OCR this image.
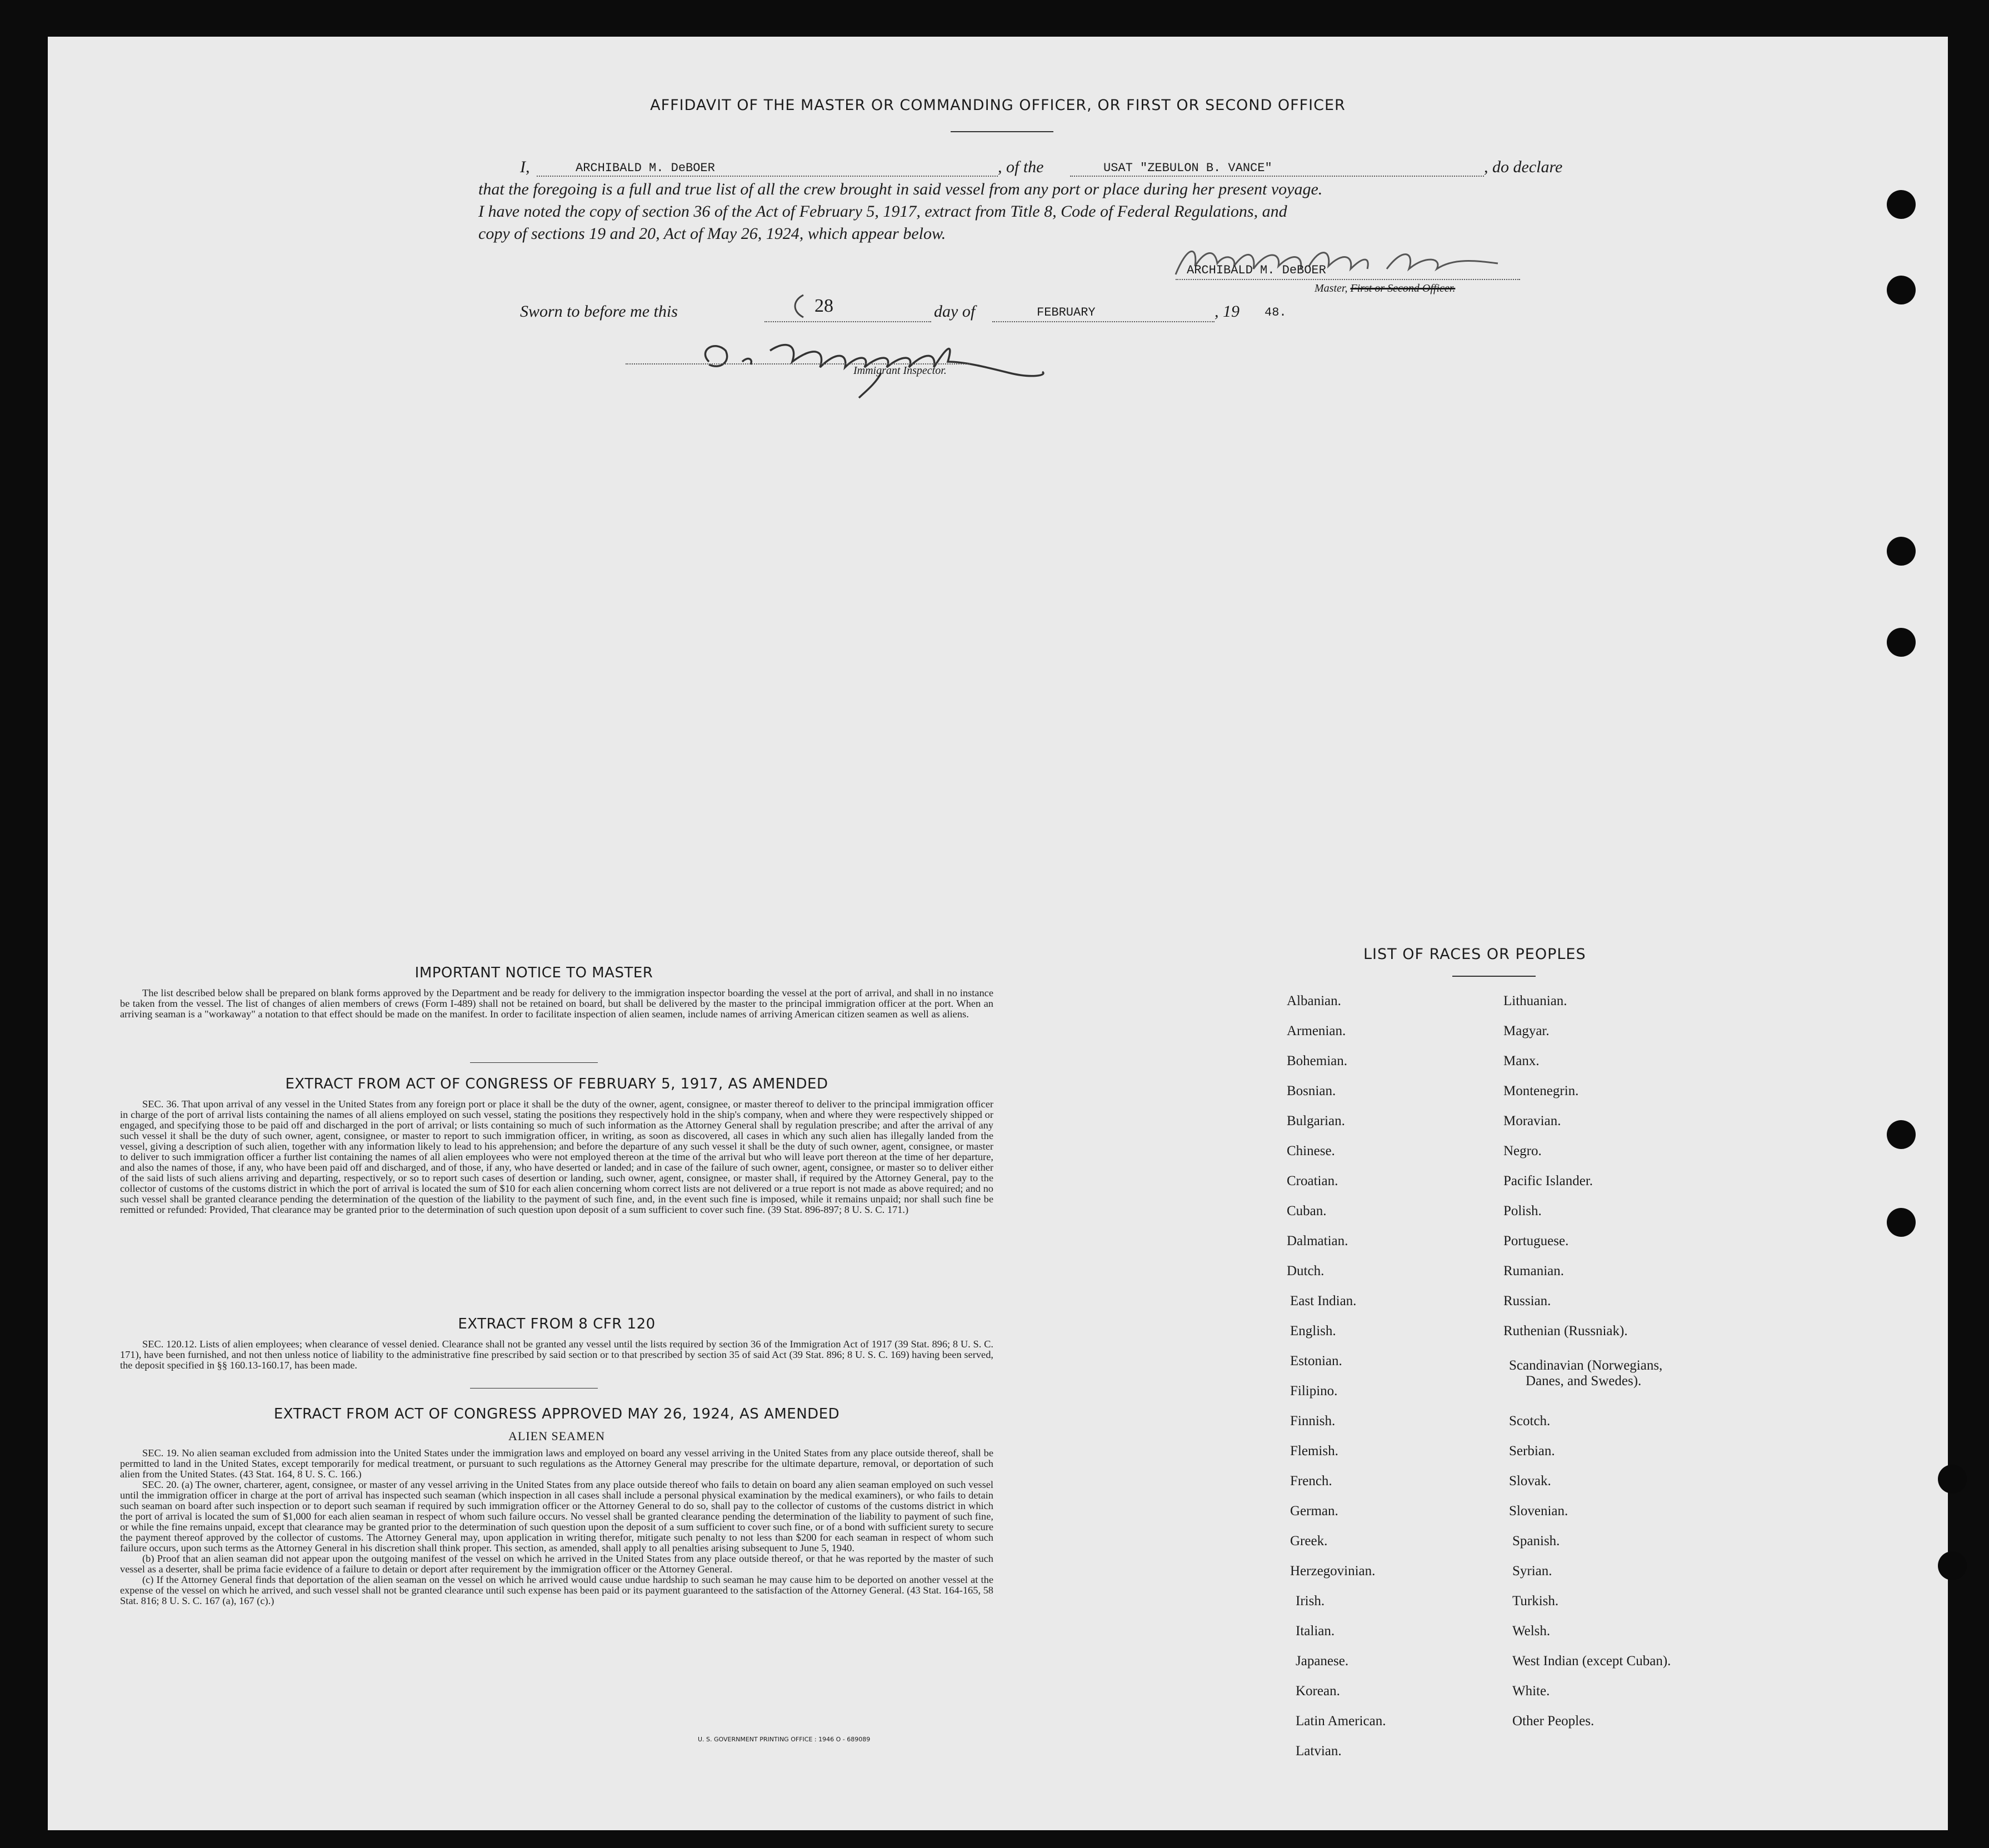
AFFIDAVIT OF THE MASTER OR COMMANDING OFFICER, OR FIRST OR SECOND OFFICER
I,	ARCHIBALD M. DeBOER	, of the	USAT "ZEBULON B. VANCE"	, do declare
that the foregoing is a full and true list of all the crew brought in said vessel from any port or place during her present voyage.
I have noted the copy of section 36 of the Act of February 5, 1917, extract from Title 8, Code of Federal Regulations, and
copy of sections 19 and 20, Act of May 26, 1924, which appear below.
ARCHIBALD M. DeBOER
Master, First or Second Officer.
Sworn to before me this	28	day of	FEBRUARY	, 19 48.
Immigrant Inspector.
IMPORTANT NOTICE TO MASTER

The list described below shall be prepared on blank forms approved by the Department and be ready for delivery to the immigration inspector boarding the vessel at the port of arrival, and shall in no instance be taken from the vessel. The list of changes of alien members of crews (Form I-489) shall not be retained on board, but shall be delivered by the master to the principal immigration officer at the port. When an arriving seaman is a "workaway" a notation to that effect should be made on the manifest. In order to facilitate inspection of alien seamen, include names of arriving American citizen seamen as well as aliens.

EXTRACT FROM ACT OF CONGRESS OF FEBRUARY 5, 1917, AS AMENDED

SEC. 36. That upon arrival of any vessel in the United States from any foreign port or place it shall be the duty of the owner, agent, consignee, or master thereof to deliver to the principal immigration officer in charge of the port of arrival lists containing the names of all aliens employed on such vessel, stating the positions they respectively hold in the ship's company, when and where they were respectively shipped or engaged, and specifying those to be paid off and discharged in the port of arrival; or lists containing so much of such information as the Attorney General shall by regulation prescribe; and after the arrival of any such vessel it shall be the duty of such owner, agent, consignee, or master to report to such immigration officer, in writing, as soon as discovered, all cases in which any such alien has illegally landed from the vessel, giving a description of such alien, together with any information likely to lead to his apprehension; and before the departure of any such vessel it shall be the duty of such owner, agent, consignee, or master to deliver to such immigration officer a further list containing the names of all alien employees who were not employed thereon at the time of the arrival but who will leave port thereon at the time of her departure, and also the names of those, if any, who have been paid off and discharged, and of those, if any, who have deserted or landed; and in case of the failure of such owner, agent, consignee, or master so to deliver either of the said lists of such aliens arriving and departing, respectively, or so to report such cases of desertion or landing, such owner, agent, consignee, or master shall, if required by the Attorney General, pay to the collector of customs of the customs district in which the port of arrival is located the sum of $10 for each alien concerning whom correct lists are not delivered or a true report is not made as above required; and no such vessel shall be granted clearance pending the determination of the question of the liability to the payment of such fine, and, in the event such fine is imposed, while it remains unpaid; nor shall such fine be remitted or refunded: Provided, That clearance may be granted prior to the determination of such question upon deposit of a sum sufficient to cover such fine. (39 Stat. 896-897; 8 U. S. C. 171.)

EXTRACT FROM 8 CFR 120

SEC. 120.12. Lists of alien employees; when clearance of vessel denied. Clearance shall not be granted any vessel until the lists required by section 36 of the Immigration Act of 1917 (39 Stat. 896; 8 U. S. C. 171), have been furnished, and not then unless notice of liability to the administrative fine prescribed by said section or to that prescribed by section 35 of said Act (39 Stat. 896; 8 U. S. C. 169) having been served, the deposit specified in §§ 160.13-160.17, has been made.

EXTRACT FROM ACT OF CONGRESS APPROVED MAY 26, 1924, AS AMENDED
ALIEN SEAMEN

SEC. 19. No alien seaman excluded from admission into the United States under the immigration laws and employed on board any vessel arriving in the United States from any place outside thereof, shall be permitted to land in the United States, except temporarily for medical treatment, or pursuant to such regulations as the Attorney General may prescribe for the ultimate departure, removal, or deportation of such alien from the United States. (43 Stat. 164, 8 U. S. C. 166.)

SEC. 20. (a) The owner, charterer, agent, consignee, or master of any vessel arriving in the United States from any place outside thereof who fails to detain on board any alien seaman employed on such vessel until the immigration officer in charge at the port of arrival has inspected such seaman (which inspection in all cases shall include a personal physical examination by the medical examiners), or who fails to detain such seaman on board after such inspection or to deport such seaman if required by such immigration officer or the Attorney General to do so, shall pay to the collector of customs of the customs district in which the port of arrival is located the sum of $1,000 for each alien seaman in respect of whom such failure occurs. No vessel shall be granted clearance pending the determination of the liability to payment of such fine, or while the fine remains unpaid, except that clearance may be granted prior to the determination of such question upon the deposit of a sum sufficient to cover such fine, or of a bond with sufficient surety to secure the payment thereof approved by the collector of customs. The Attorney General may, upon application in writing therefor, mitigate such penalty to not less than $200 for each seaman in respect of whom such failure occurs, upon such terms as the Attorney General in his discretion shall think proper. This section, as amended, shall apply to all penalties arising subsequent to June 5, 1940.

(b) Proof that an alien seaman did not appear upon the outgoing manifest of the vessel on which he arrived in the United States from any place outside thereof, or that he was reported by the master of such vessel as a deserter, shall be prima facie evidence of a failure to detain or deport after requirement by the immigration officer or the Attorney General.

(c) If the Attorney General finds that deportation of the alien seaman on the vessel on which he arrived would cause undue hardship to such seaman he may cause him to be deported on another vessel at the expense of the vessel on which he arrived, and such vessel shall not be granted clearance until such expense has been paid or its payment guaranteed to the satisfaction of the Attorney General. (43 Stat. 164-165, 58 Stat. 816; 8 U. S. C. 167 (a), 167 (c).)

U. S. GOVERNMENT PRINTING OFFICE : 1946 O - 689089
LIST OF RACES OR PEOPLES
Albanian.
Armenian.
Bohemian.
Bosnian.
Bulgarian.
Chinese.
Croatian.
Cuban.
Dalmatian.
Dutch.
East Indian.
English.
Estonian.
Filipino.
Finnish.
Flemish.
French.
German.
Greek.
Herzegovinian.
Irish.
Italian.
Japanese.
Korean.
Latin American.
Latvian.
Lithuanian.
Magyar.
Manx.
Montenegrin.
Moravian.
Negro.
Pacific Islander.
Polish.
Portuguese.
Rumanian.
Russian.
Ruthenian (Russniak).
Scandinavian (Norwegians,
Danes, and Swedes).
Scotch.
Serbian.
Slovak.
Slovenian.
Spanish.
Syrian.
Turkish.
Welsh.
West Indian (except Cuban).
White.
Other Peoples.
